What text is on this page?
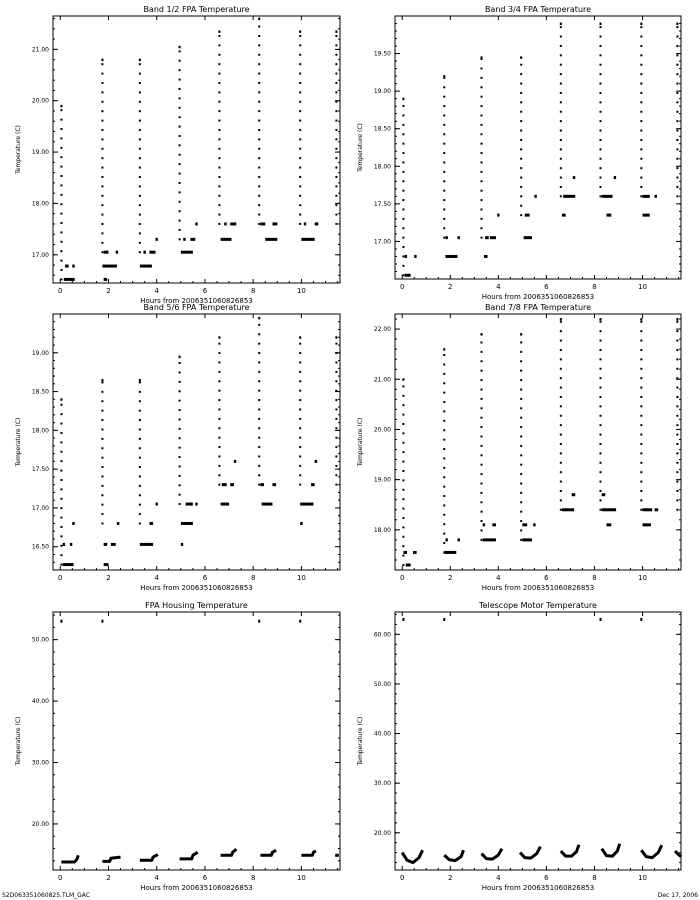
Band 1/2 FPA Temperature
Hours from 2006351060826853
Temperature (C)
0	2	4	6	8	10
17.00
18.00
19.00
20.00
21.00
Band 3/4 FPA Temperature
Hours from 2006351060826853
Temperature (C)
0	2	4	6	8	10
17.00
17.50
18.00
18.50
19.00
19.50
Band 5/6 FPA Temperature
Hours from 2006351060826853
Temperature (C)
0	2	4	6	8	10
16.50
17.00
17.50
18.00
18.50
19.00
Band 7/8 FPA Temperature
Hours from 2006351060826853
Temperature (C)
0	2	4	6	8	10
18.00
19.00
20.00
21.00
22.00
FPA Housing Temperature
Hours from 2006351060826853
Temperature (C)
0	2	4	6	8	10
20.00
30.00
40.00
50.00
Telescope Motor Temperature
Hours from 2006351060826853
Temperature (C)
0	2	4	6	8	10
20.00
30.00
40.00
50.00
60.00
S2D063351060825.TLM_GAC	Dec 17, 2006
